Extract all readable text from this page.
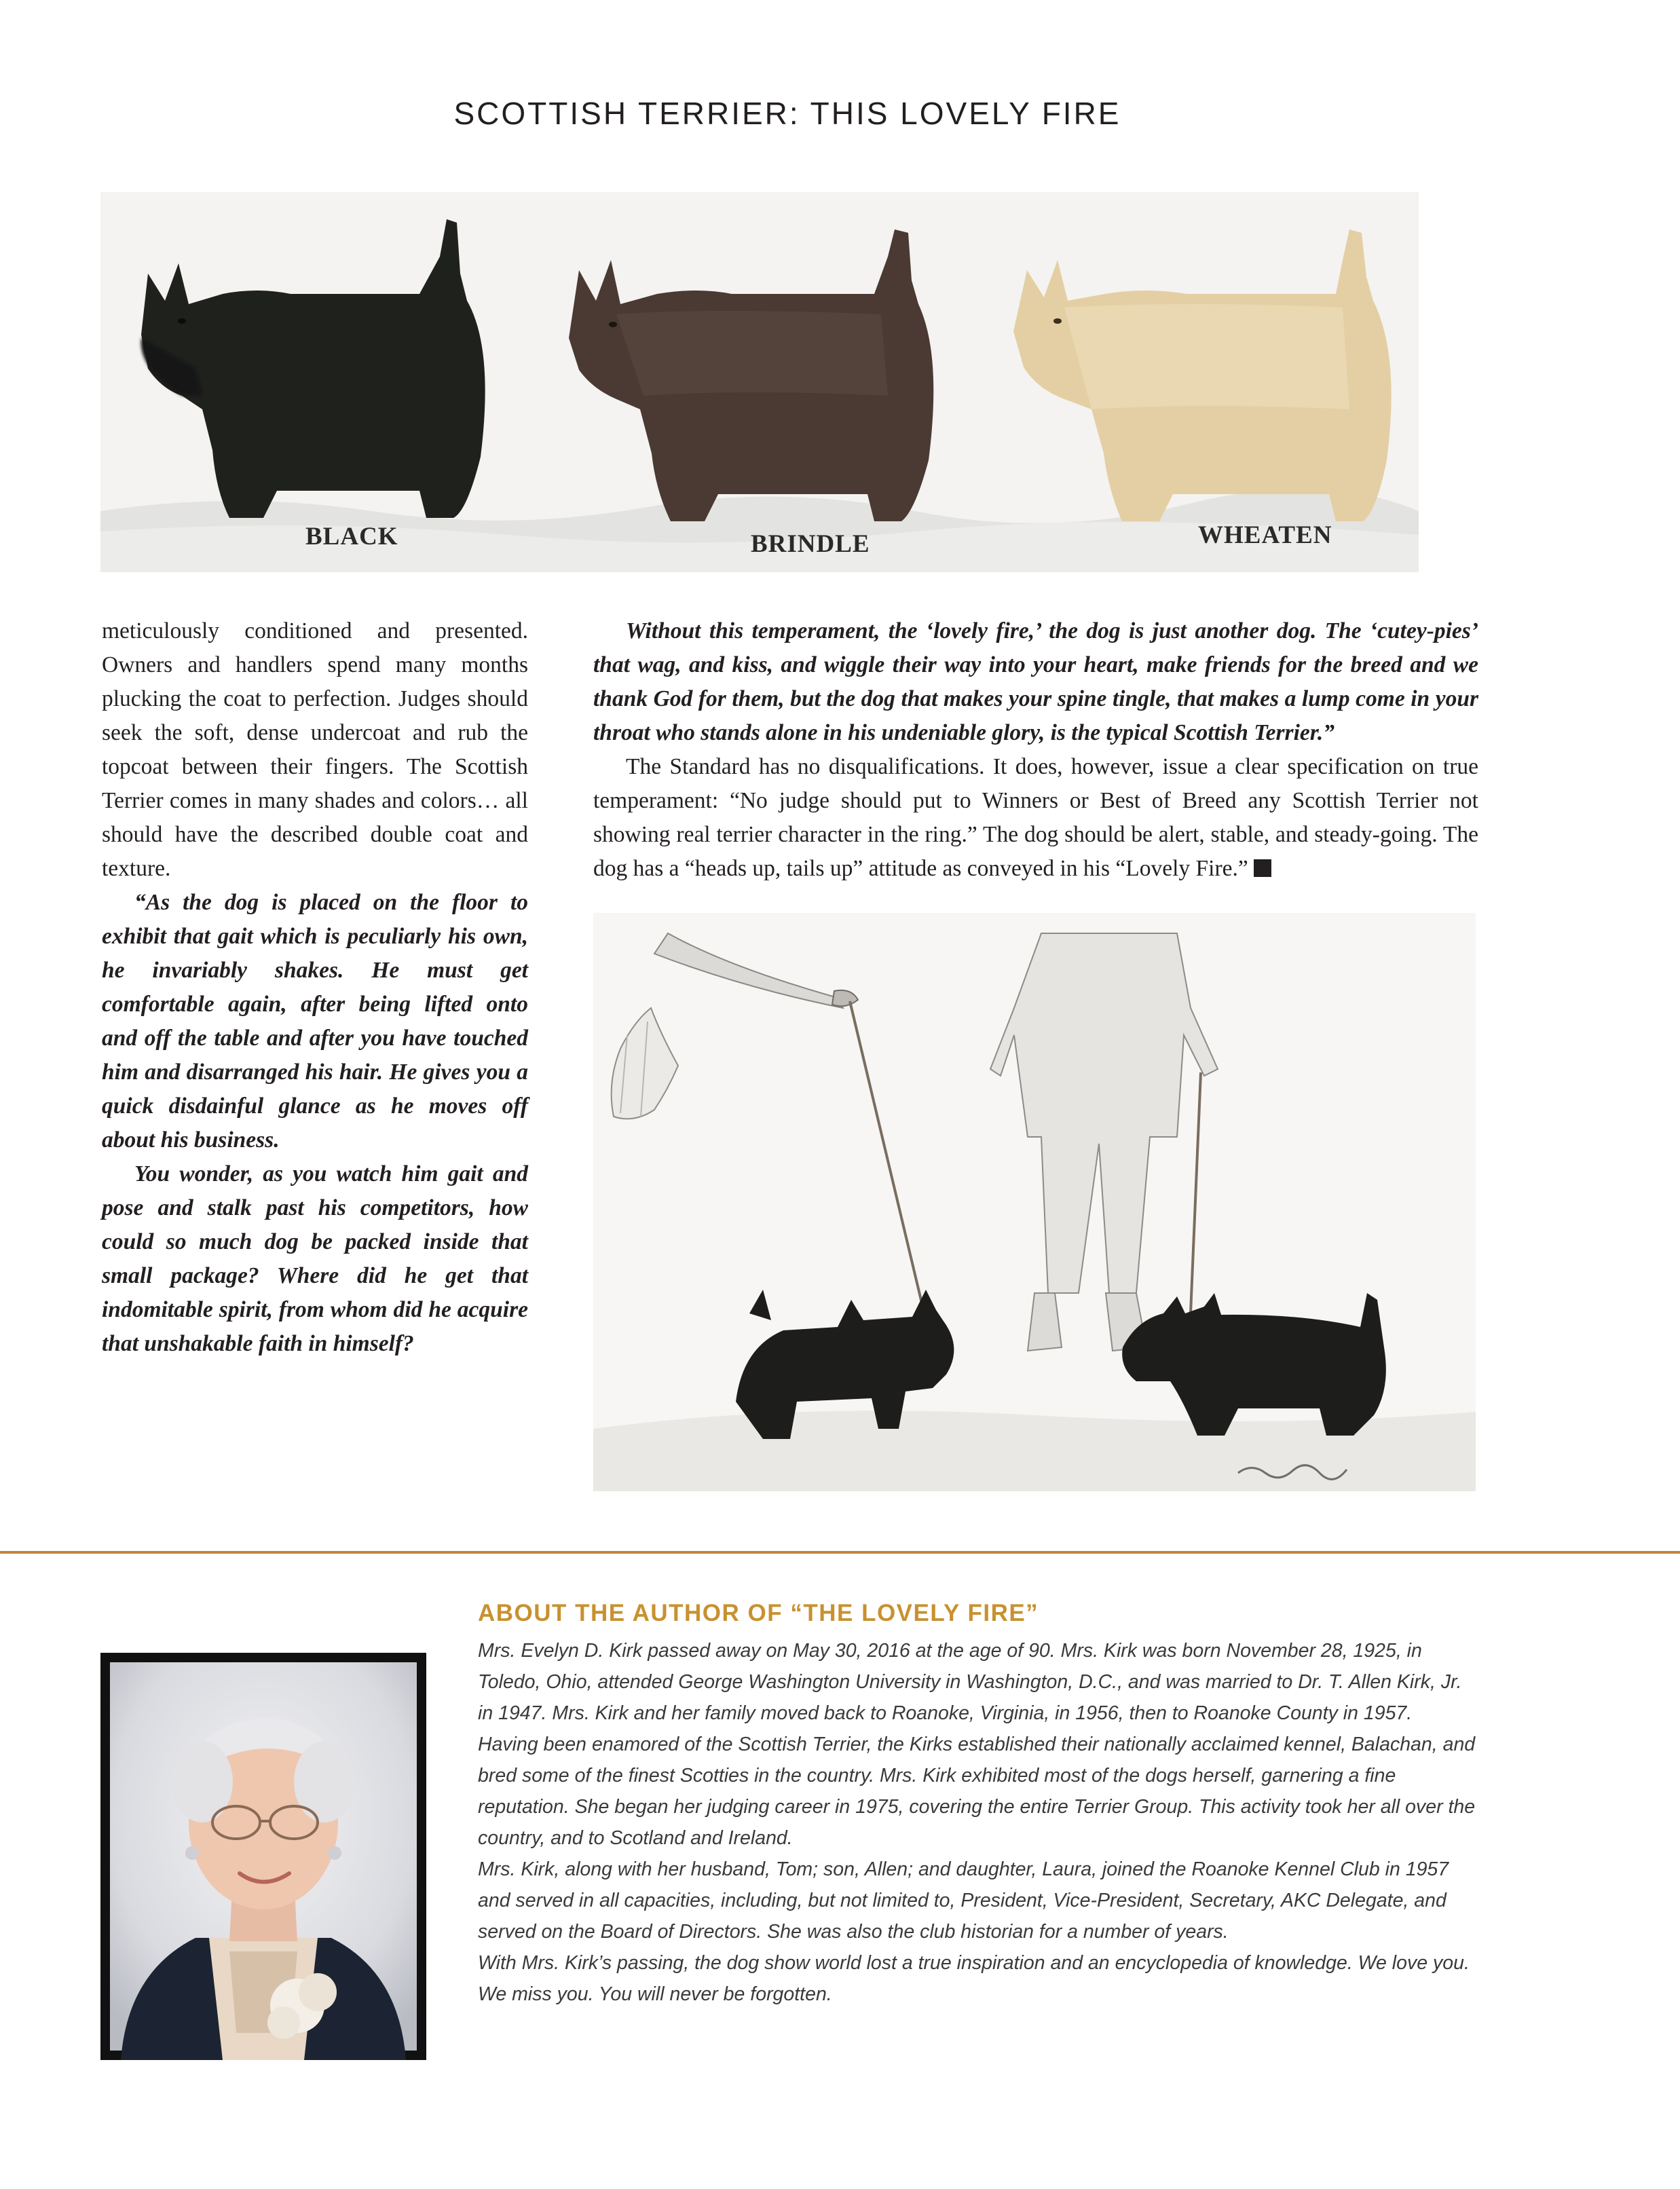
SCOTTISH TERRIER: THIS LOVELY FIRE
BLACK	BRINDLE	WHEATEN

meticulously conditioned and presented. Owners and handlers spend many months plucking the coat to perfection. Judges should seek the soft, dense undercoat and rub the topcoat between their fingers. The Scottish Terrier comes in many shades and colors… all should have the described double coat and texture.

“As the dog is placed on the floor to exhibit that gait which is peculiarly his own, he invariably shakes. He must get comfortable again, after being lifted onto and off the table and after you have touched him and disarranged his hair. He gives you a quick disdainful glance as he moves off about his business.

You wonder, as you watch him gait and pose and stalk past his competitors, how could so much dog be packed inside that small package? Where did he get that indomitable spirit, from whom did he acquire that unshakable faith in himself?

Without this temperament, the ‘lovely fire,’ the dog is just another dog. The ‘cutey-pies’ that wag, and kiss, and wiggle their way into your heart, make friends for the breed and we thank God for them, but the dog that makes your spine tingle, that makes a lump come in your throat who stands alone in his undeniable glory, is the typical Scottish Terrier.”

The Standard has no disqualifications. It does, however, issue a clear specification on true temperament: “No judge should put to Winners or Best of Breed any Scottish Terrier not showing real terrier character in the ring.” The dog should be alert, stable, and steady-going. The dog has a “heads up, tails up” attitude as conveyed in his “Lovely Fire.”

ABOUT THE AUTHOR OF “THE LOVELY FIRE”

Mrs. Evelyn D. Kirk passed away on May 30, 2016 at the age of 90. Mrs. Kirk was born November 28, 1925, in Toledo, Ohio, attended George Washington University in Washington, D.C., and was married to Dr. T. Allen Kirk, Jr. in 1947. Mrs. Kirk and her family moved back to Roanoke, Virginia, in 1956, then to Roanoke County in 1957.

Having been enamored of the Scottish Terrier, the Kirks established their nationally acclaimed kennel, Balachan, and bred some of the finest Scotties in the country. Mrs. Kirk exhibited most of the dogs herself, garnering a fine reputation. She began her judging career in 1975, covering the entire Terrier Group. This activity took her all over the country, and to Scotland and Ireland.

Mrs. Kirk, along with her husband, Tom; son, Allen; and daughter, Laura, joined the Roanoke Kennel Club in 1957 and served in all capacities, including, but not limited to, President, Vice-President, Secretary, AKC Delegate, and served on the Board of Directors. She was also the club historian for a number of years.

With Mrs. Kirk’s passing, the dog show world lost a true inspiration and an encyclopedia of knowledge. We love you. We miss you. You will never be forgotten.
